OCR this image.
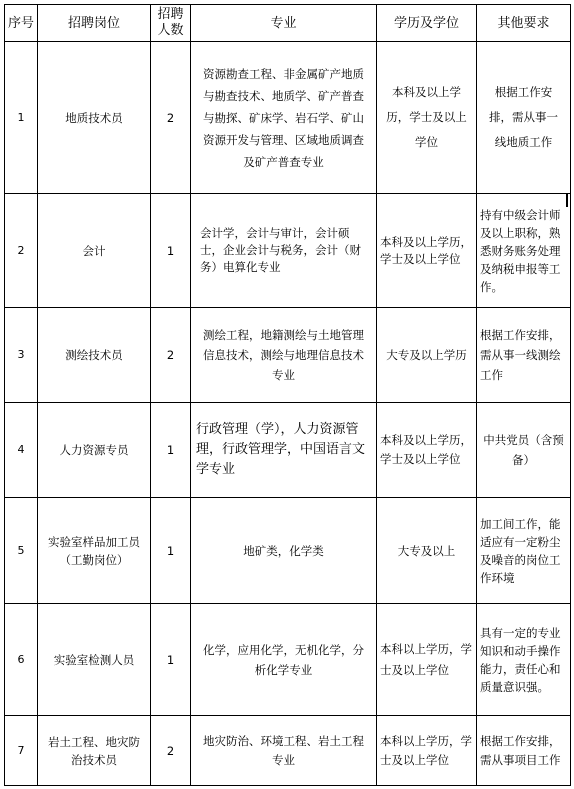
序号	招聘岗位	招聘人数	专业	学历及学位	其他要求
1	地质技术员	2	资源勘查工程、非金属矿产地质与勘查技术、地质学、矿产普查与勘探、矿床学、岩石学、矿山资源开发与管理、区域地质调查及矿产普查专业	本科及以上学历，学士及以上学位	根据工作安排，需从事一线地质工作

2	会计	1	会计学，会计与审计，会计硕士，企业会计与税务，会计（财务）电算化专业	本科及以上学历，学士及以上学位	持有中级会计师及以上职称，熟悉财务账务处理及纳税申报等工作。
3	测绘技术员	2	测绘工程，地籍测绘与土地管理信息技术，测绘与地理信息技术专业	大专及以上学历	根据工作安排，需从事一线测绘工作

4	人力资源专员	1	行政管理（学），人力资源管理，行政管理学，中国语言文学专业	本科及以上学历，学士及以上学位	中共党员（含预备）

5	实验室样品加工员（工勤岗位）	1	地矿类，化学类	大专及以上	加工间工作，能适应有一定粉尘及噪音的岗位工作环境
6	实验室检测人员	1	化学，应用化学，无机化学，分析化学专业	本科以上学历，学士及以上学位	具有一定的专业知识和动手操作能力，责任心和质量意识强。
7	岩土工程、地灾防治技术员	2	地灾防治、环境工程、岩土工程专业	本科以上学历，学士及以上学位	根据工作安排，需从事项目工作
